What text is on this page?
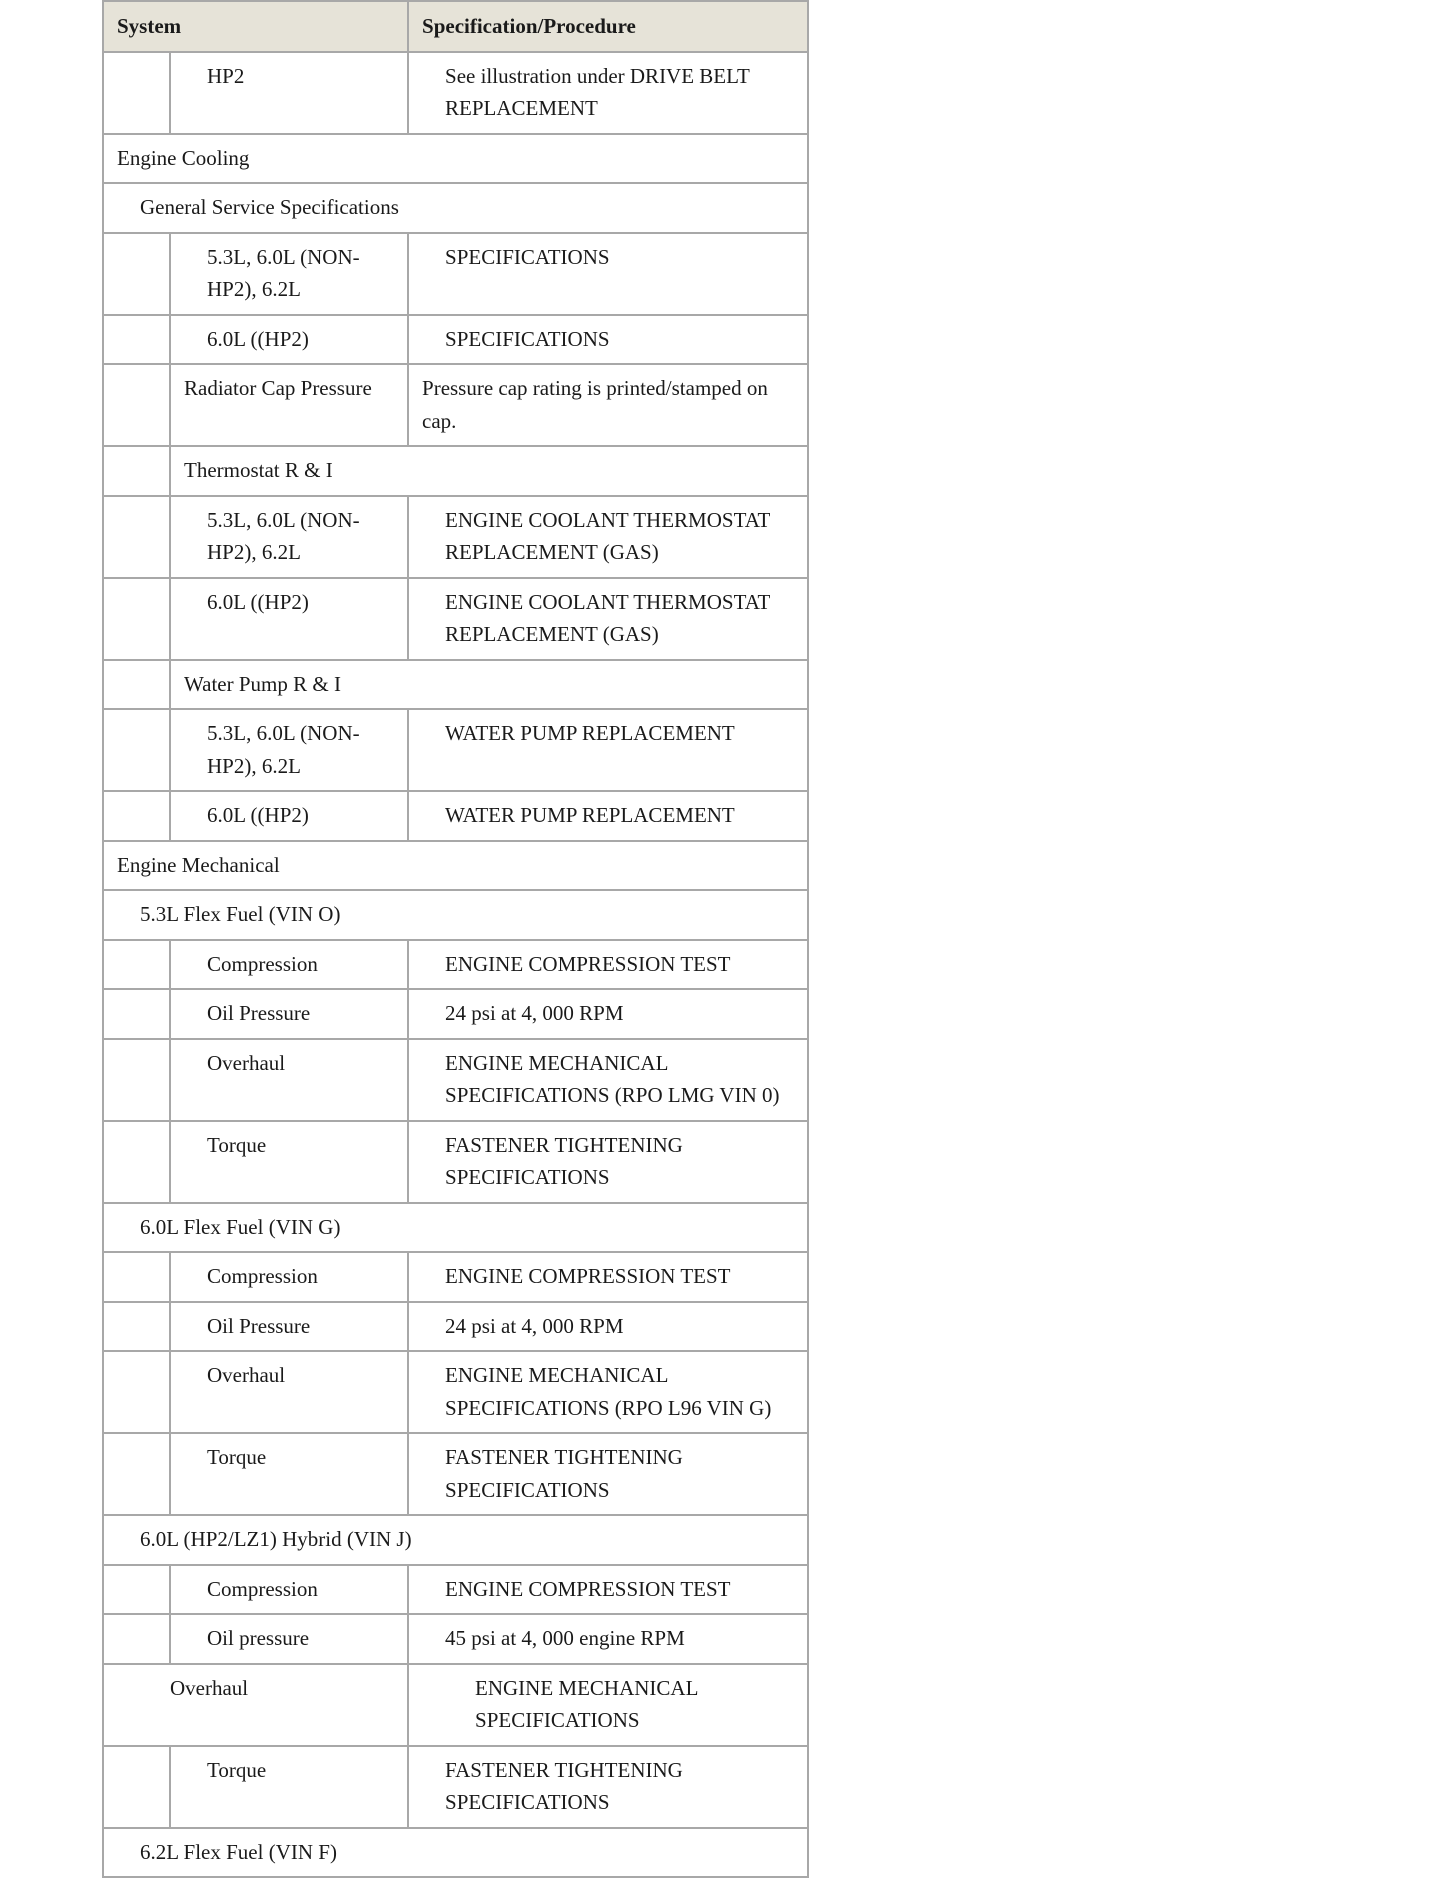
System		Specification/Procedure
	HP2	See illustration under DRIVE BELT REPLACEMENT
Engine Cooling		
General Service Specifications		
	5.3L, 6.0L (NON-HP2), 6.2L	SPECIFICATIONS
	6.0L ((HP2)	SPECIFICATIONS
	Radiator Cap Pressure	Pressure cap rating is printed/stamped on cap.
	Thermostat R & I	
	5.3L, 6.0L (NON-HP2), 6.2L	ENGINE COOLANT THERMOSTAT REPLACEMENT (GAS)
	6.0L ((HP2)	ENGINE COOLANT THERMOSTAT REPLACEMENT (GAS)
	Water Pump R & I	
	5.3L, 6.0L (NON-HP2), 6.2L	WATER PUMP REPLACEMENT
	6.0L ((HP2)	WATER PUMP REPLACEMENT
Engine Mechanical		
5.3L Flex Fuel (VIN O)		
	Compression	ENGINE COMPRESSION TEST
	Oil Pressure	24 psi at 4, 000 RPM
	Overhaul	ENGINE MECHANICAL SPECIFICATIONS (RPO LMG VIN 0)
	Torque	FASTENER TIGHTENING SPECIFICATIONS
6.0L Flex Fuel (VIN G)		
	Compression	ENGINE COMPRESSION TEST
	Oil Pressure	24 psi at 4, 000 RPM
	Overhaul	ENGINE MECHANICAL SPECIFICATIONS (RPO L96 VIN G)
	Torque	FASTENER TIGHTENING SPECIFICATIONS
6.0L (HP2/LZ1) Hybrid (VIN J)		
	Compression	ENGINE COMPRESSION TEST
	Oil pressure	45 psi at 4, 000 engine RPM
Overhaul		ENGINE MECHANICAL SPECIFICATIONS
	Torque	FASTENER TIGHTENING SPECIFICATIONS
6.2L Flex Fuel (VIN F)		
